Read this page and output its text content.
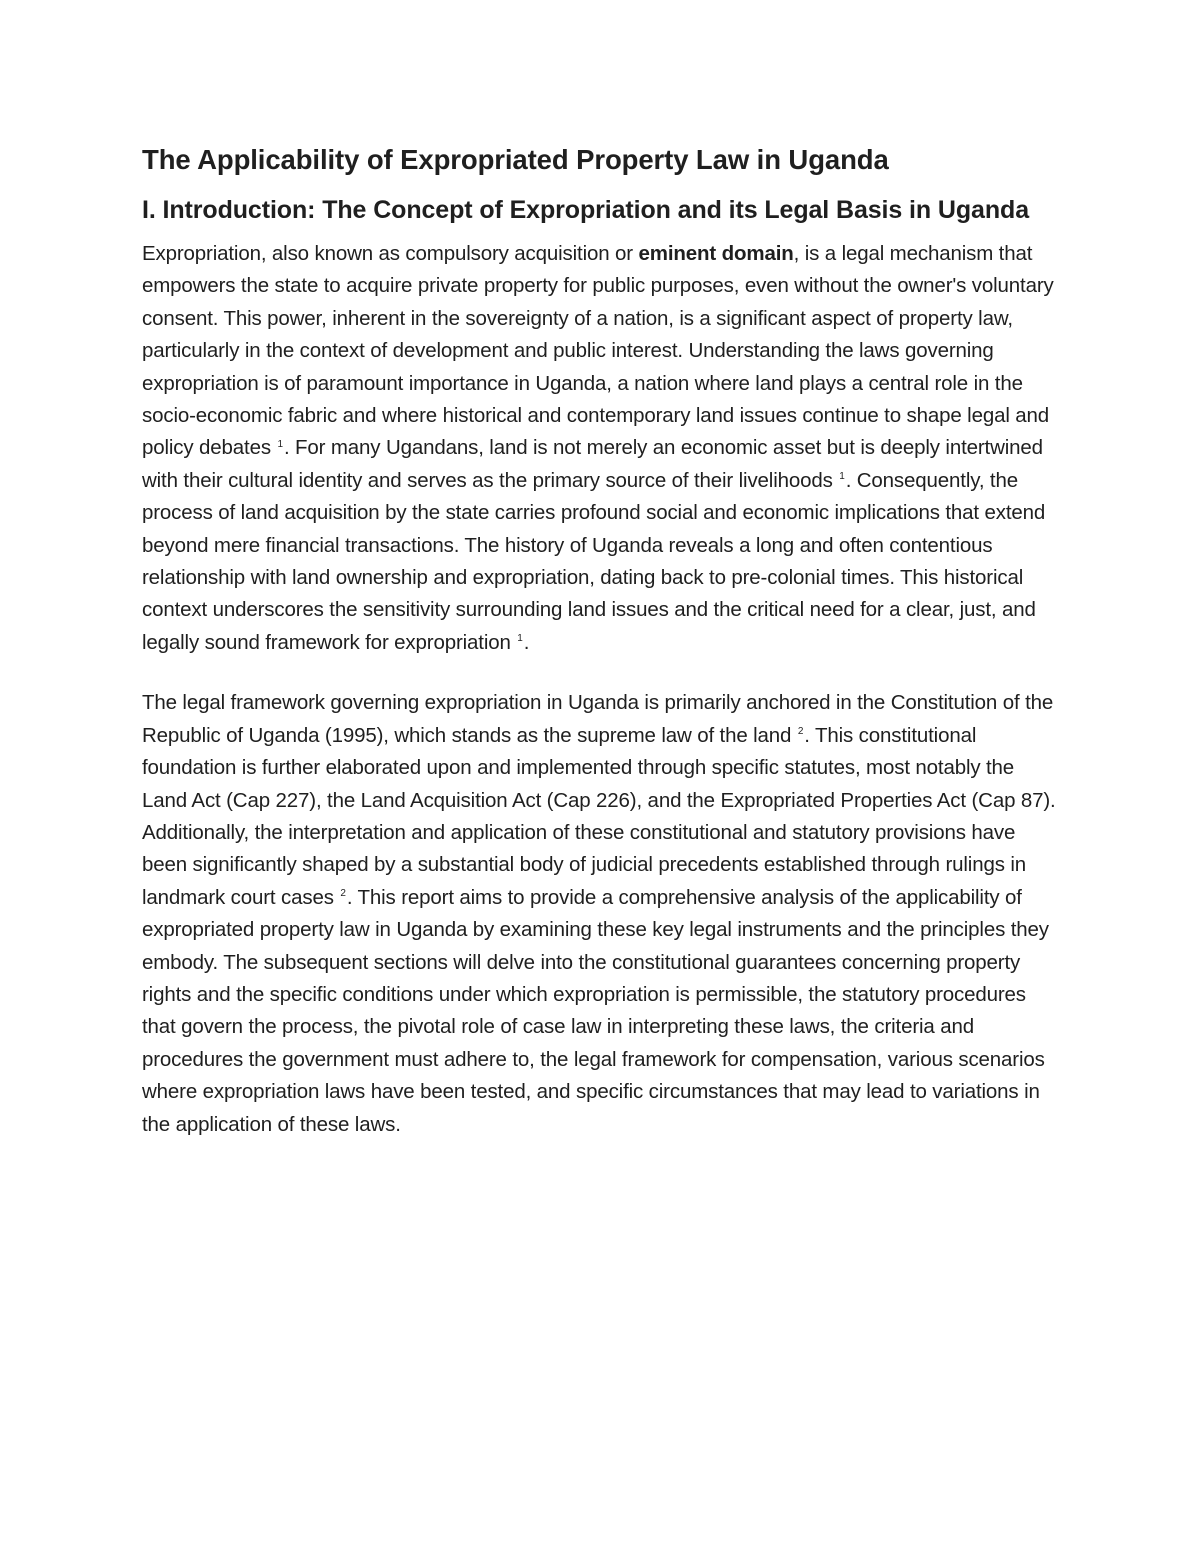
The Applicability of Expropriated Property Law in Uganda
I. Introduction: The Concept of Expropriation and its Legal Basis in Uganda

Expropriation, also known as compulsory acquisition or eminent domain, is a legal mechanism that empowers the state to acquire private property for public purposes, even without the owner's voluntary consent. This power, inherent in the sovereignty of a nation, is a significant aspect of property law, particularly in the context of development and public interest. Understanding the laws governing expropriation is of paramount importance in Uganda, a nation where land plays a central role in the socio-economic fabric and where historical and contemporary land issues continue to shape legal and policy debates $^1$. For many Ugandans, land is not merely an economic asset but is deeply intertwined with their cultural identity and serves as the primary source of their livelihoods $^1$. Consequently, the process of land acquisition by the state carries profound social and economic implications that extend beyond mere financial transactions. The history of Uganda reveals a long and often contentious relationship with land ownership and expropriation, dating back to pre-colonial times. This historical context underscores the sensitivity surrounding land issues and the critical need for a clear, just, and legally sound framework for expropriation $^1$.

The legal framework governing expropriation in Uganda is primarily anchored in the Constitution of the Republic of Uganda (1995), which stands as the supreme law of the land $^2$. This constitutional foundation is further elaborated upon and implemented through specific statutes, most notably the Land Act (Cap 227), the Land Acquisition Act (Cap 226), and the Expropriated Properties Act (Cap 87). Additionally, the interpretation and application of these constitutional and statutory provisions have been significantly shaped by a substantial body of judicial precedents established through rulings in landmark court cases $^2$. This report aims to provide a comprehensive analysis of the applicability of expropriated property law in Uganda by examining these key legal instruments and the principles they embody. The subsequent sections will delve into the constitutional guarantees concerning property rights and the specific conditions under which expropriation is permissible, the statutory procedures that govern the process, the pivotal role of case law in interpreting these laws, the criteria and procedures the government must adhere to, the legal framework for compensation, various scenarios where expropriation laws have been tested, and specific circumstances that may lead to variations in the application of these laws.
